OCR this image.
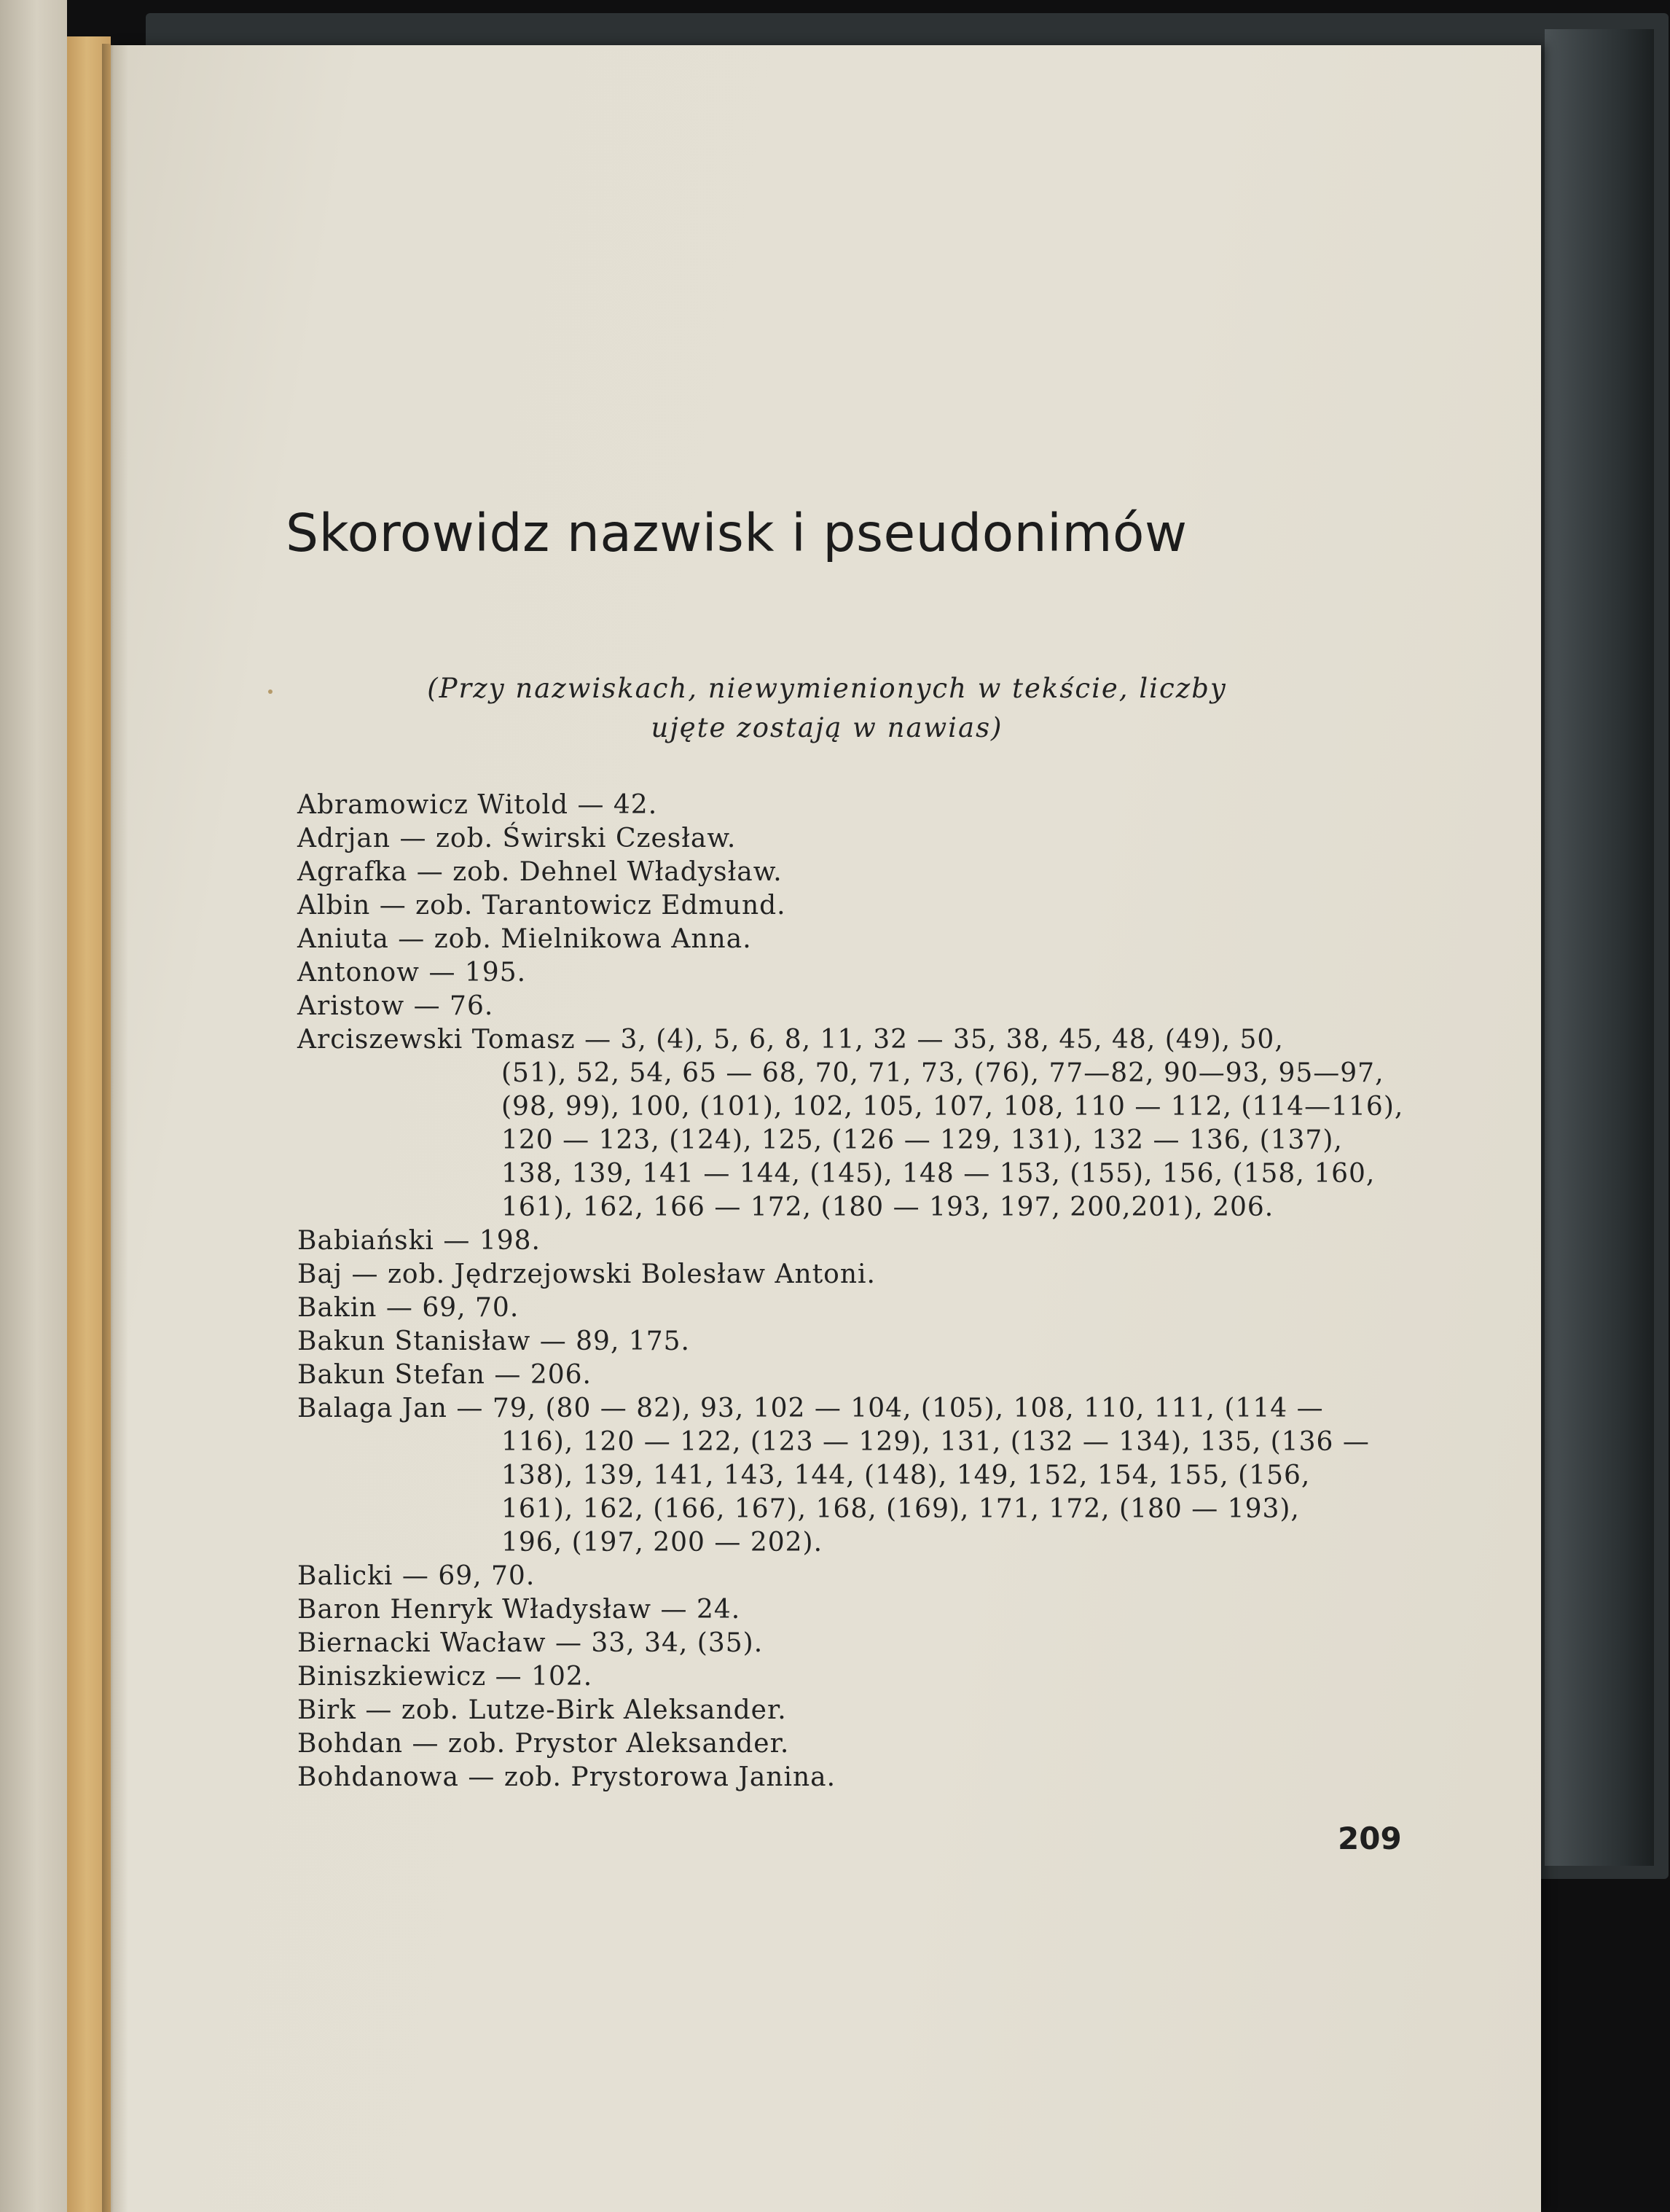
Skorowidz nazwisk i pseudonimów
(Przy nazwiskach, niewymienionych w tekście, liczby ujęte zostają w nawias)
Abramowicz Witold — 42.
Adrjan — zob. Świrski Czesław.
Agrafka — zob. Dehnel Władysław.
Albin — zob. Tarantowicz Edmund.
Aniuta — zob. Mielnikowa Anna.
Antonow — 195.
Aristow — 76.
Arciszewski Tomasz — 3, (4), 5, 6, 8, 11, 32 — 35, 38, 45, 48, (49), 50,
(51), 52, 54, 65 — 68, 70, 71, 73, (76), 77—82, 90—93, 95—97,
(98, 99), 100, (101), 102, 105, 107, 108, 110 — 112, (114—116),
120 — 123, (124), 125, (126 — 129, 131), 132 — 136, (137),
138, 139, 141 — 144, (145), 148 — 153, (155), 156, (158, 160,
161), 162, 166 — 172, (180 — 193, 197, 200,201), 206.
Babiański — 198.
Baj — zob. Jędrzejowski Bolesław Antoni.
Bakin — 69, 70.
Bakun Stanisław — 89, 175.
Bakun Stefan — 206.
Balaga Jan — 79, (80 — 82), 93, 102 — 104, (105), 108, 110, 111, (114 —
116), 120 — 122, (123 — 129), 131, (132 — 134), 135, (136 —
138), 139, 141, 143, 144, (148), 149, 152, 154, 155, (156,
161), 162, (166, 167), 168, (169), 171, 172, (180 — 193),
196, (197, 200 — 202).
Balicki — 69, 70.
Baron Henryk Władysław — 24.
Biernacki Wacław — 33, 34, (35).
Biniszkiewicz — 102.
Birk — zob. Lutze-Birk Aleksander.
Bohdan — zob. Prystor Aleksander.
Bohdanowa — zob. Prystorowa Janina.
209
